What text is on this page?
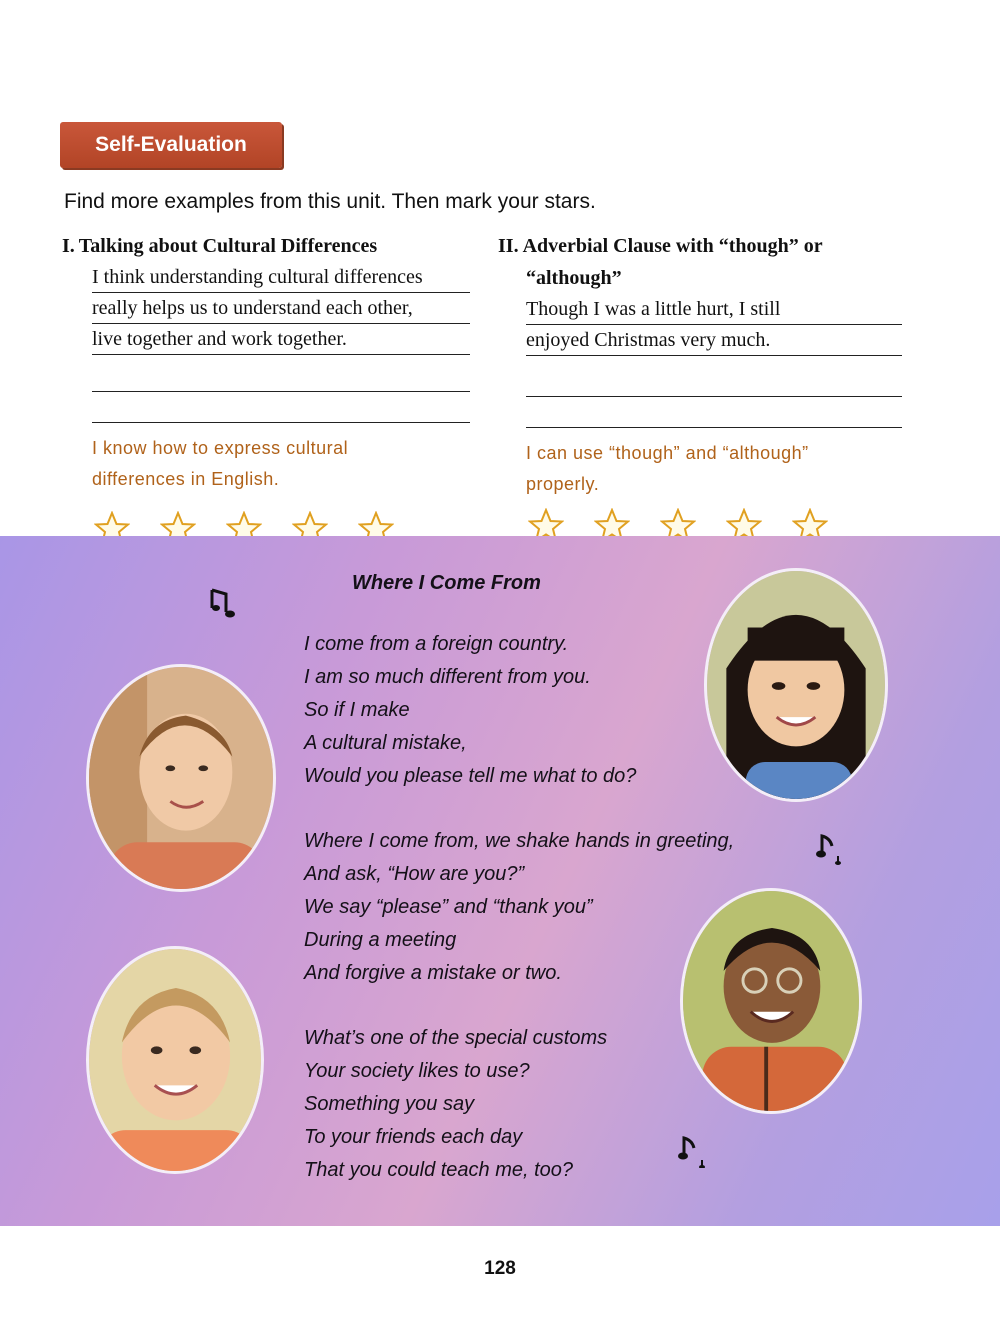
Self-Evaluation
Find more examples from this unit. Then mark your stars.
I. Talking about Cultural Differences
I think understanding cultural differences
really helps us to understand each other,
live together and work together.
I know how to express cultural
differences in English.
II. Adverbial Clause with “though” or
“although”
Though I was a little hurt, I still
enjoyed Christmas very much.
I can use “though” and “although”
properly.
Where I Come From
I come from a foreign country.
I am so much different from you.
So if I make
A cultural mistake,
Would you please tell me what to do?
Where I come from, we shake hands in greeting,
And ask, “How are you?”
We say “please” and “thank you”
During a meeting
And forgive a mistake or two.
What’s one of the special customs
Your society likes to use?
Something you say
To your friends each day
That you could teach me, too?
128
